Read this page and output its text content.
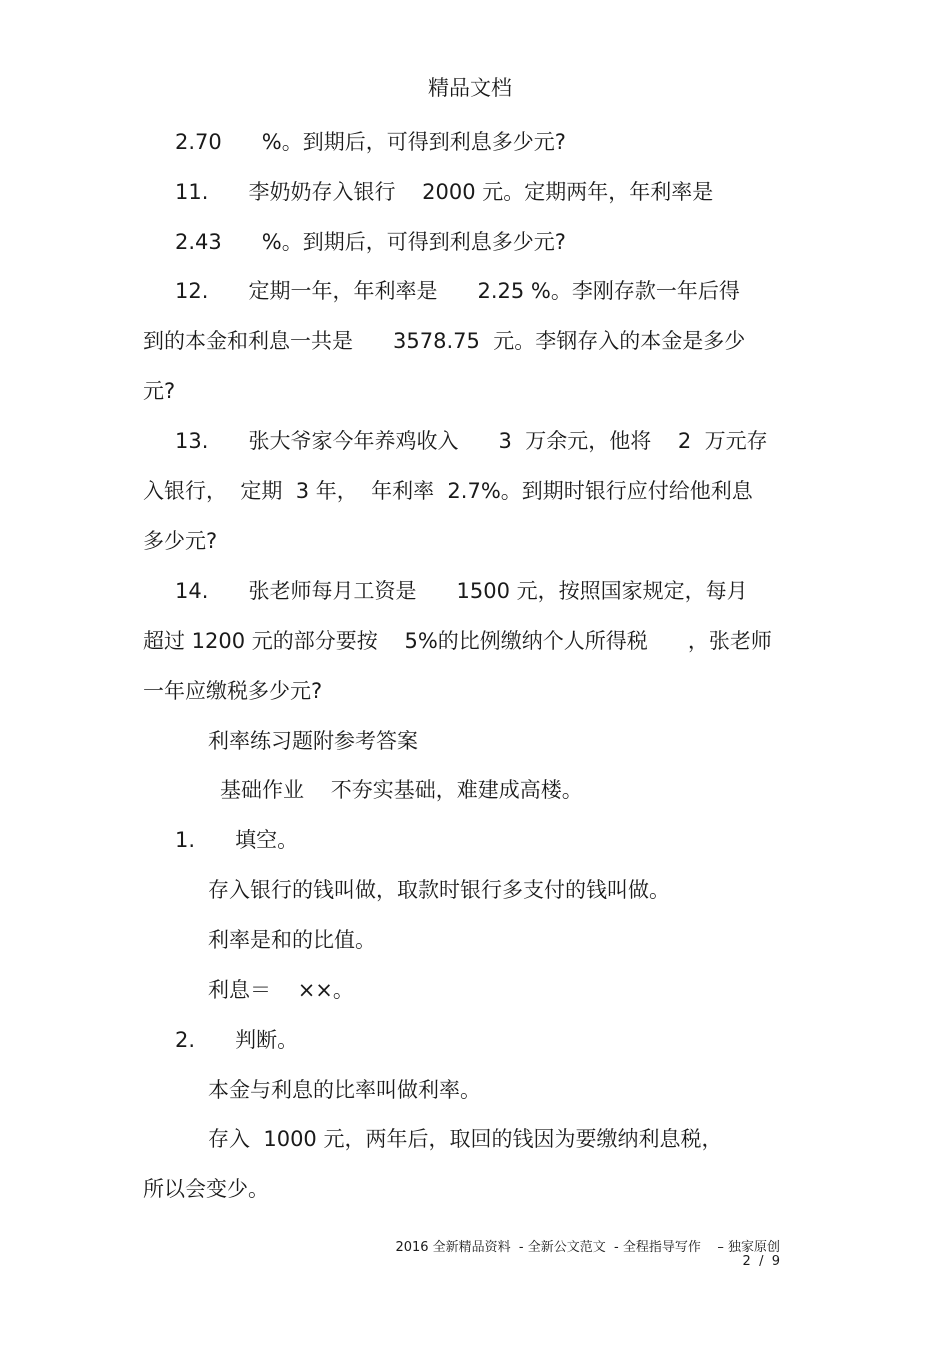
精品文档
2.70      %。到期后，可得到利息多少元?
11.      李奶奶存入银行    2000 元。定期两年，年利率是
2.43      %。到期后，可得到利息多少元?
12.      定期一年，年利率是      2.25 %。李刚存款一年后得
到的本金和利息一共是      3578.75  元。李钢存入的本金是多少
元?
13.      张大爷家今年养鸡收入      3  万余元，他将    2  万元存
入银行，  定期  3 年，  年利率  2.7%。到期时银行应付给他利息
多少元?
14.      张老师每月工资是      1500 元，按照国家规定，每月
超过 1200 元的部分要按    5%的比例缴纳个人所得税      ，张老师
一年应缴税多少元?
利率练习题附参考答案
基础作业    不夯实基础，难建成高楼。
1.      填空。
存入银行的钱叫做，取款时银行多支付的钱叫做。
利率是和的比值。
利息＝    ××。
2.      判断。
本金与利息的比率叫做利率。
存入  1000 元，两年后，取回的钱因为要缴纳利息税，
所以会变少。
2016 全新精品资料  - 全新公文范文  - 全程指导写作    – 独家原创
2  /  9
